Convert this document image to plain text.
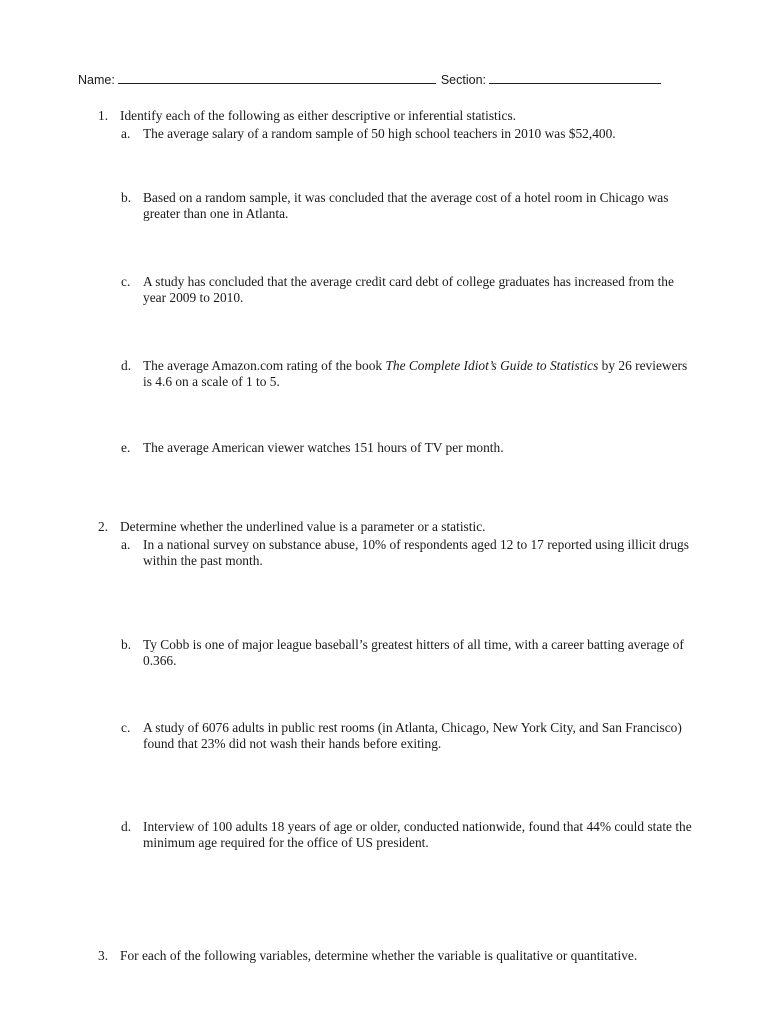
Name:	Section:
1. Identify each of the following as either descriptive or inferential statistics.
a. The average salary of a random sample of 50 high school teachers in 2010 was $52,400.
b. Based on a random sample, it was concluded that the average cost of a hotel room in Chicago was
greater than one in Atlanta.
c. A study has concluded that the average credit card debt of college graduates has increased from the
year 2009 to 2010.
d. The average Amazon.com rating of the book The Complete Idiot’s Guide to Statistics by 26 reviewers
is 4.6 on a scale of 1 to 5.
e. The average American viewer watches 151 hours of TV per month.
2. Determine whether the underlined value is a parameter or a statistic.
a. In a national survey on substance abuse, 10% of respondents aged 12 to 17 reported using illicit drugs
within the past month.
b. Ty Cobb is one of major league baseball’s greatest hitters of all time, with a career batting average of
0.366.
c. A study of 6076 adults in public rest rooms (in Atlanta, Chicago, New York City, and San Francisco)
found that 23% did not wash their hands before exiting.
d. Interview of 100 adults 18 years of age or older, conducted nationwide, found that 44% could state the
minimum age required for the office of US president.
3. For each of the following variables, determine whether the variable is qualitative or quantitative.
